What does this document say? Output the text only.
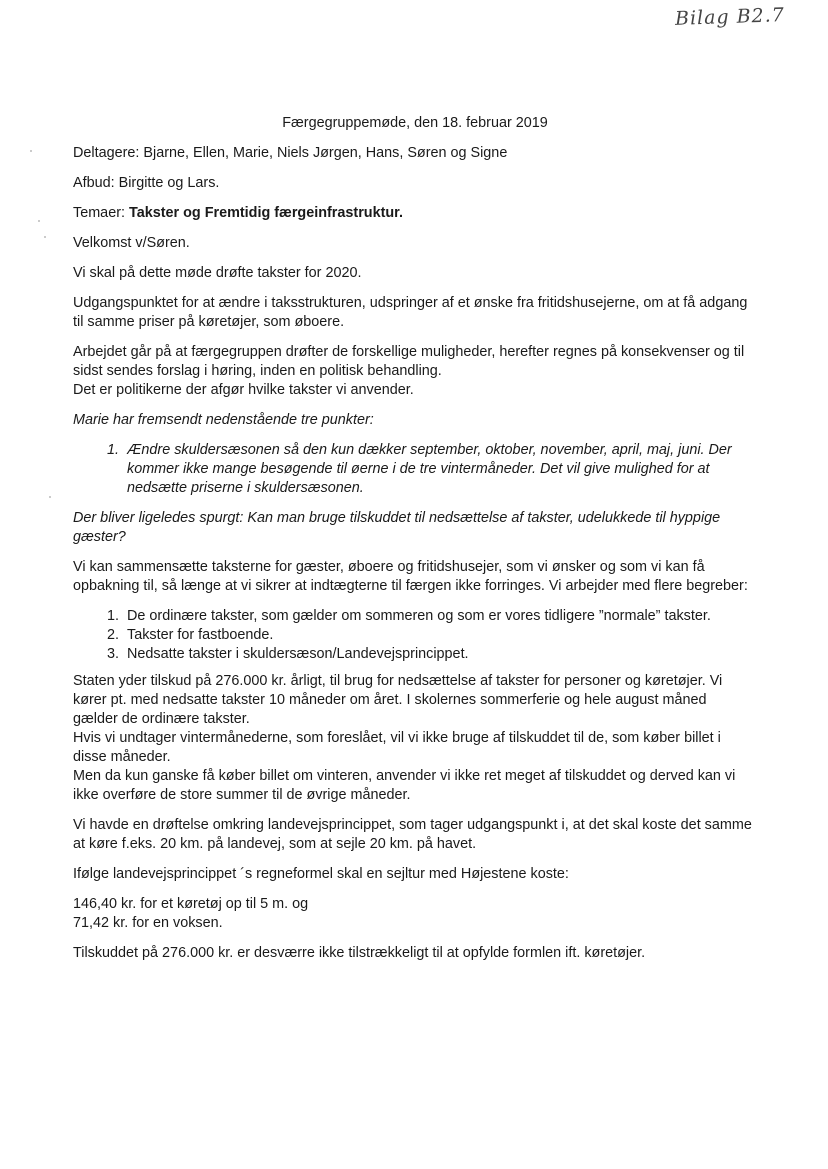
Bilag B2.7
Færgegruppemøde, den 18. februar 2019

Deltagere: Bjarne, Ellen, Marie, Niels Jørgen, Hans, Søren og Signe

Afbud: Birgitte og Lars.

Temaer: Takster og Fremtidig færgeinfrastruktur.

Velkomst v/Søren.

Vi skal på dette møde drøfte takster for 2020.

Udgangspunktet for at ændre i taksstrukturen, udspringer af et ønske fra fritidshusejerne, om at få adgang til samme priser på køretøjer, som øboere.

Arbejdet går på at færgegruppen drøfter de forskellige muligheder, herefter regnes på konsekvenser og til sidst sendes forslag i høring, inden en politisk behandling.
Det er politikerne der afgør hvilke takster vi anvender.

Marie har fremsendt nedenstående tre punkter:

1. Ændre skuldersæsonen så den kun dækker september, oktober, november, april, maj, juni. Der kommer ikke mange besøgende til øerne i de tre vintermåneder. Det vil give mulighed for at nedsætte priserne i skuldersæsonen.

Der bliver ligeledes spurgt: Kan man bruge tilskuddet til nedsættelse af takster, udelukkede til hyppige gæster?

Vi kan sammensætte taksterne for gæster, øboere og fritidshusejer, som vi ønsker og som vi kan få opbakning til, så længe at vi sikrer at indtægterne til færgen ikke forringes. Vi arbejder med flere begreber:

1. De ordinære takster, som gælder om sommeren og som er vores tidligere ”normale” takster.
2. Takster for fastboende.
3. Nedsatte takster i skuldersæson/Landevejsprincippet.

Staten yder tilskud på 276.000 kr. årligt, til brug for nedsættelse af takster for personer og køretøjer. Vi kører pt. med nedsatte takster 10 måneder om året. I skolernes sommerferie og hele august måned gælder de ordinære takster.
Hvis vi undtager vintermånederne, som foreslået, vil vi ikke bruge af tilskuddet til de, som køber billet i disse måneder.
Men da kun ganske få køber billet om vinteren, anvender vi ikke ret meget af tilskuddet og derved kan vi ikke overføre de store summer til de øvrige måneder.

Vi havde en drøftelse omkring landevejsprincippet, som tager udgangspunkt i, at det skal koste det samme at køre f.eks. 20 km. på landevej, som at sejle 20 km. på havet.

Ifølge landevejsprincippet ´s regneformel skal en sejltur med Højestene koste:

146,40 kr. for et køretøj op til 5 m. og
71,42 kr. for en voksen.

Tilskuddet på 276.000 kr. er desværre ikke tilstrækkeligt til at opfylde formlen ift. køretøjer.
